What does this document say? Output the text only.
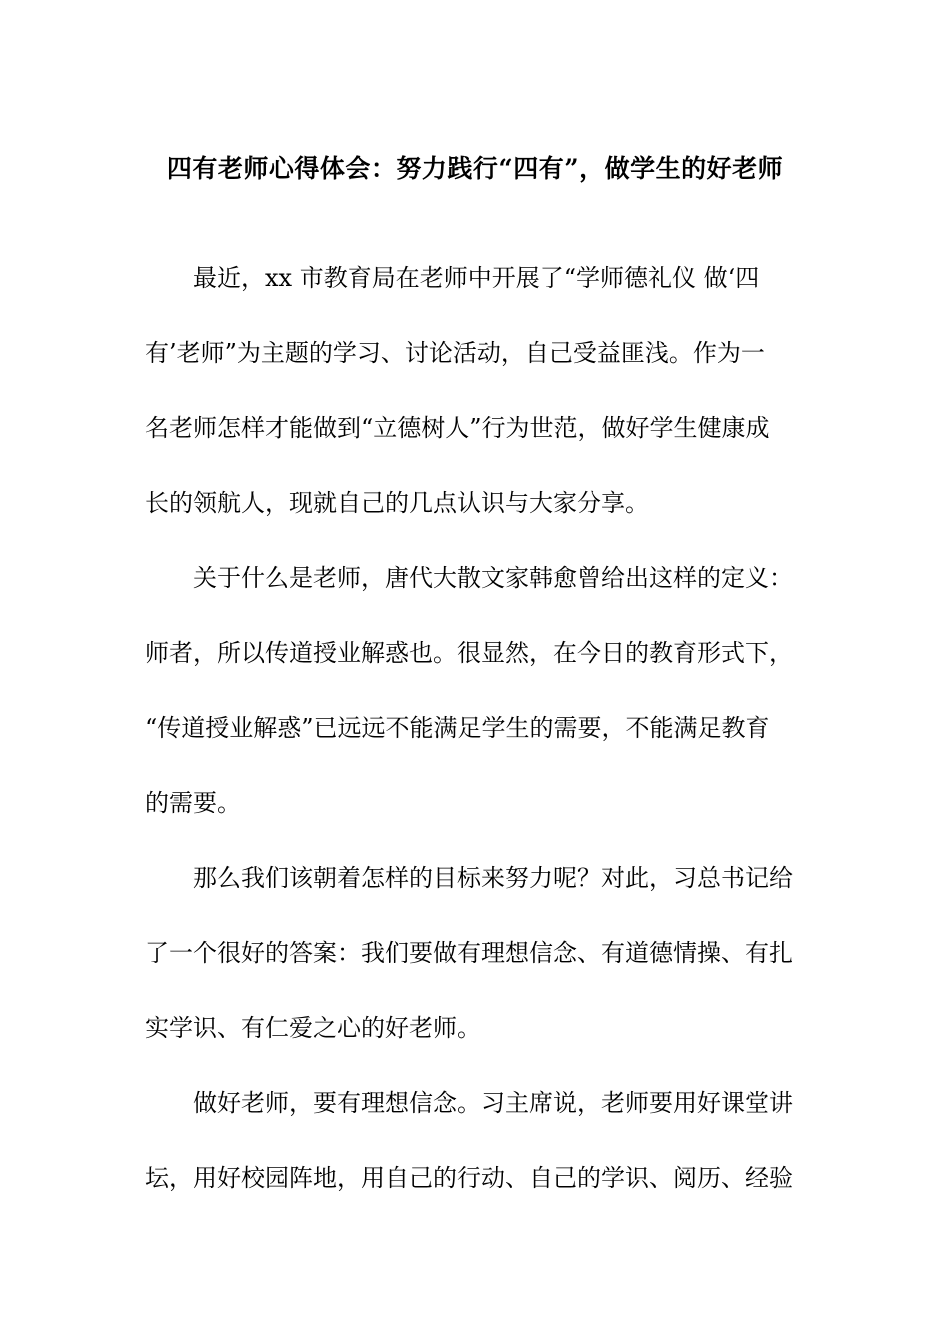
四有老师心得体会：努力践行“四有”，做学生的好老师

最近，xx 市教育局在老师中开展了“学师德礼仪 做‘四
有’老师”为主题的学习、讨论活动，自己受益匪浅。作为一
名老师怎样才能做到“立德树人”行为世范，做好学生健康成
长的领航人，现就自己的几点认识与大家分享。

关于什么是老师，唐代大散文家韩愈曾给出这样的定义：
师者，所以传道授业解惑也。很显然，在今日的教育形式下，
“传道授业解惑”已远远不能满足学生的需要，不能满足教育
的需要。

那么我们该朝着怎样的目标来努力呢？对此，习总书记给
了一个很好的答案：我们要做有理想信念、有道德情操、有扎
实学识、有仁爱之心的好老师。

做好老师，要有理想信念。习主席说，老师要用好课堂讲
坛，用好校园阵地，用自己的行动、自己的学识、阅历、经验
